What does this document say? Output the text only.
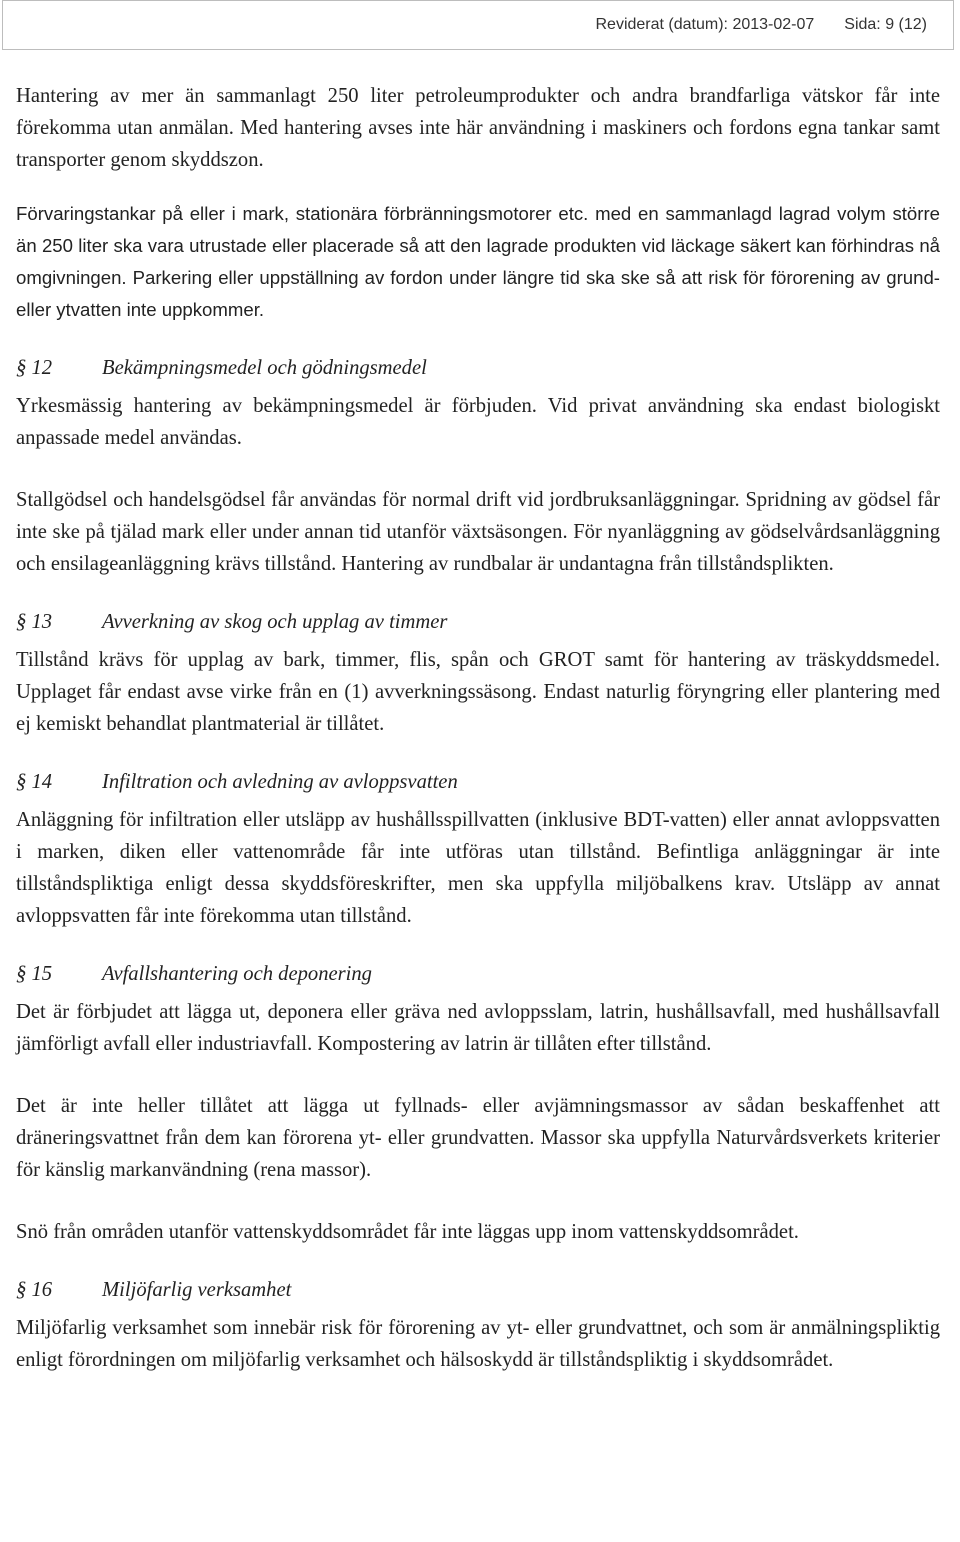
Reviderat (datum): 2013-02-07 Sida: 9 (12)

Hantering av mer än sammanlagt 250 liter petroleumprodukter och andra brandfarliga vätskor får inte förekomma utan anmälan. Med hantering avses inte här användning i maskiners och fordons egna tankar samt transporter genom skyddszon.

Förvaringstankar på eller i mark, stationära förbränningsmotorer etc. med en sammanlagd lagrad volym större än 250 liter ska vara utrustade eller placerade så att den lagrade produkten vid läckage säkert kan förhindras nå omgivningen. Parkering eller uppställning av fordon under längre tid ska ske så att risk för förorening av grund- eller ytvatten inte uppkommer.

§ 12	Bekämpningsmedel och gödningsmedel

Yrkesmässig hantering av bekämpningsmedel är förbjuden. Vid privat användning ska endast biologiskt anpassade medel användas.

Stallgödsel och handelsgödsel får användas för normal drift vid jordbruksanläggningar. Spridning av gödsel får inte ske på tjälad mark eller under annan tid utanför växtsäsongen. För nyanläggning av gödselvårdsanläggning och ensilageanläggning krävs tillstånd. Hantering av rundbalar är undantagna från tillståndsplikten.

§ 13	Avverkning av skog och upplag av timmer

Tillstånd krävs för upplag av bark, timmer, flis, spån och GROT samt för hantering av träskyddsmedel. Upplaget får endast avse virke från en (1) avverkningssäsong. Endast naturlig föryngring eller plantering med ej kemiskt behandlat plantmaterial är tillåtet.

§ 14	Infiltration och avledning av avloppsvatten

Anläggning för infiltration eller utsläpp av hushållsspillvatten (inklusive BDT-vatten) eller annat avloppsvatten i marken, diken eller vattenområde får inte utföras utan tillstånd. Befintliga anläggningar är inte tillståndspliktiga enligt dessa skyddsföreskrifter, men ska uppfylla miljöbalkens krav. Utsläpp av annat avloppsvatten får inte förekomma utan tillstånd.

§ 15	Avfallshantering och deponering

Det är förbjudet att lägga ut, deponera eller gräva ned avloppsslam, latrin, hushållsavfall, med hushållsavfall jämförligt avfall eller industriavfall. Kompostering av latrin är tillåten efter tillstånd.

Det är inte heller tillåtet att lägga ut fyllnads- eller avjämningsmassor av sådan beskaffenhet att dräneringsvattnet från dem kan förorena yt- eller grundvatten. Massor ska uppfylla Naturvårdsverkets kriterier för känslig markanvändning (rena massor).

Snö från områden utanför vattenskyddsområdet får inte läggas upp inom vattenskyddsområdet.

§ 16	Miljöfarlig verksamhet

Miljöfarlig verksamhet som innebär risk för förorening av yt- eller grundvattnet, och som är anmälningspliktig enligt förordningen om miljöfarlig verksamhet och hälsoskydd är tillståndspliktig i skyddsområdet.
